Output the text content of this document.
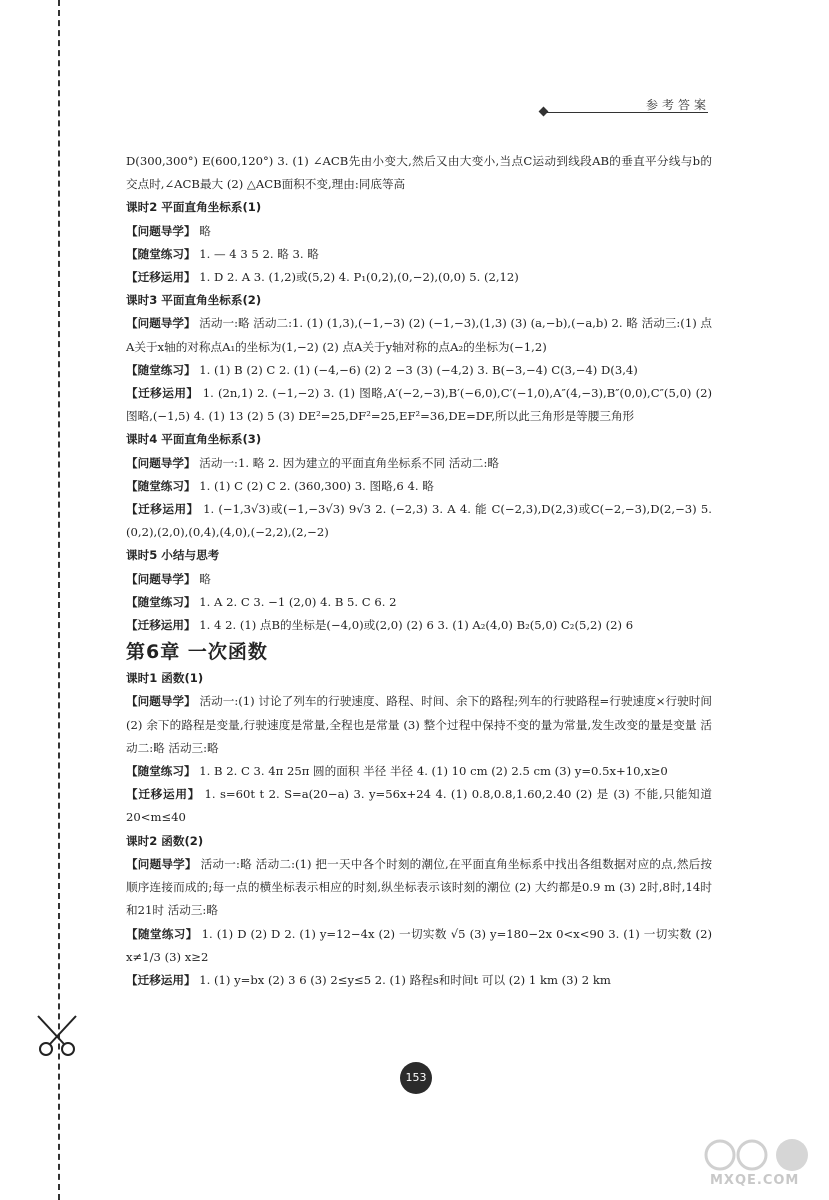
参考答案

D(300,300°) E(600,120°) 3. (1) ∠ACB先由小变大,然后又由大变小,当点C运动到线段AB的垂直平分线与b的交点时,∠ACB最大 (2) △ACB面积不变,理由:同底等高

课时2 平面直角坐标系(1)

【问题导学】 略

【随堂练习】 1. — 4 3 5 2. 略 3. 略

【迁移运用】 1. D 2. A 3. (1,2)或(5,2) 4. P₁(0,2),(0,−2),(0,0) 5. (2,12)

课时3 平面直角坐标系(2)

【问题导学】 活动一:略 活动二:1. (1) (1,3),(−1,−3) (2) (−1,−3),(1,3) (3) (a,−b),(−a,b) 2. 略 活动三:(1) 点A关于x轴的对称点A₁的坐标为(1,−2) (2) 点A关于y轴对称的点A₂的坐标为(−1,2)

【随堂练习】 1. (1) B (2) C 2. (1) (−4,−6) (2) 2 −3 (3) (−4,2) 3. B(−3,−4) C(3,−4) D(3,4)

【迁移运用】 1. (2n,1) 2. (−1,−2) 3. (1) 图略,A′(−2,−3),B′(−6,0),C′(−1,0),A″(4,−3),B″(0,0),C″(5,0) (2) 图略,(−1,5) 4. (1) 13 (2) 5 (3) DE²=25,DF²=25,EF²=36,DE=DF,所以此三角形是等腰三角形

课时4 平面直角坐标系(3)

【问题导学】 活动一:1. 略 2. 因为建立的平面直角坐标系不同 活动二:略

【随堂练习】 1. (1) C (2) C 2. (360,300) 3. 图略,6 4. 略

【迁移运用】 1. (−1,3√3)或(−1,−3√3) 9√3 2. (−2,3) 3. A 4. 能 C(−2,3),D(2,3)或C(−2,−3),D(2,−3) 5. (0,2),(2,0),(0,4),(4,0),(−2,2),(2,−2)

课时5 小结与思考

【问题导学】 略

【随堂练习】 1. A 2. C 3. −1 (2,0) 4. B 5. C 6. 2

【迁移运用】 1. 4 2. (1) 点B的坐标是(−4,0)或(2,0) (2) 6 3. (1) A₂(4,0) B₂(5,0) C₂(5,2) (2) 6

第6章 一次函数

课时1 函数(1)

【问题导学】 活动一:(1) 讨论了列车的行驶速度、路程、时间、余下的路程;列车的行驶路程=行驶速度×行驶时间 (2) 余下的路程是变量,行驶速度是常量,全程也是常量 (3) 整个过程中保持不变的量为常量,发生改变的量是变量 活动二:略 活动三:略

【随堂练习】 1. B 2. C 3. 4π 25π 圆的面积 半径 半径 4. (1) 10 cm (2) 2.5 cm (3) y=0.5x+10,x≥0

【迁移运用】 1. s=60t t 2. S=a(20−a) 3. y=56x+24 4. (1) 0.8,0.8,1.60,2.40 (2) 是 (3) 不能,只能知道20<m≤40

课时2 函数(2)

【问题导学】 活动一:略 活动二:(1) 把一天中各个时刻的潮位,在平面直角坐标系中找出各组数据对应的点,然后按顺序连接而成的;每一点的横坐标表示相应的时刻,纵坐标表示该时刻的潮位 (2) 大约都是0.9 m (3) 2时,8时,14时和21时 活动三:略

【随堂练习】 1. (1) D (2) D 2. (1) y=12−4x (2) 一切实数 √5 (3) y=180−2x 0<x<90 3. (1) 一切实数 (2) x≠1/3 (3) x≥2

【迁移运用】 1. (1) y=bx (2) 3 6 (3) 2≤y≤5 2. (1) 路程s和时间t 可以 (2) 1 km (3) 2 km

153
MXQE.COM
